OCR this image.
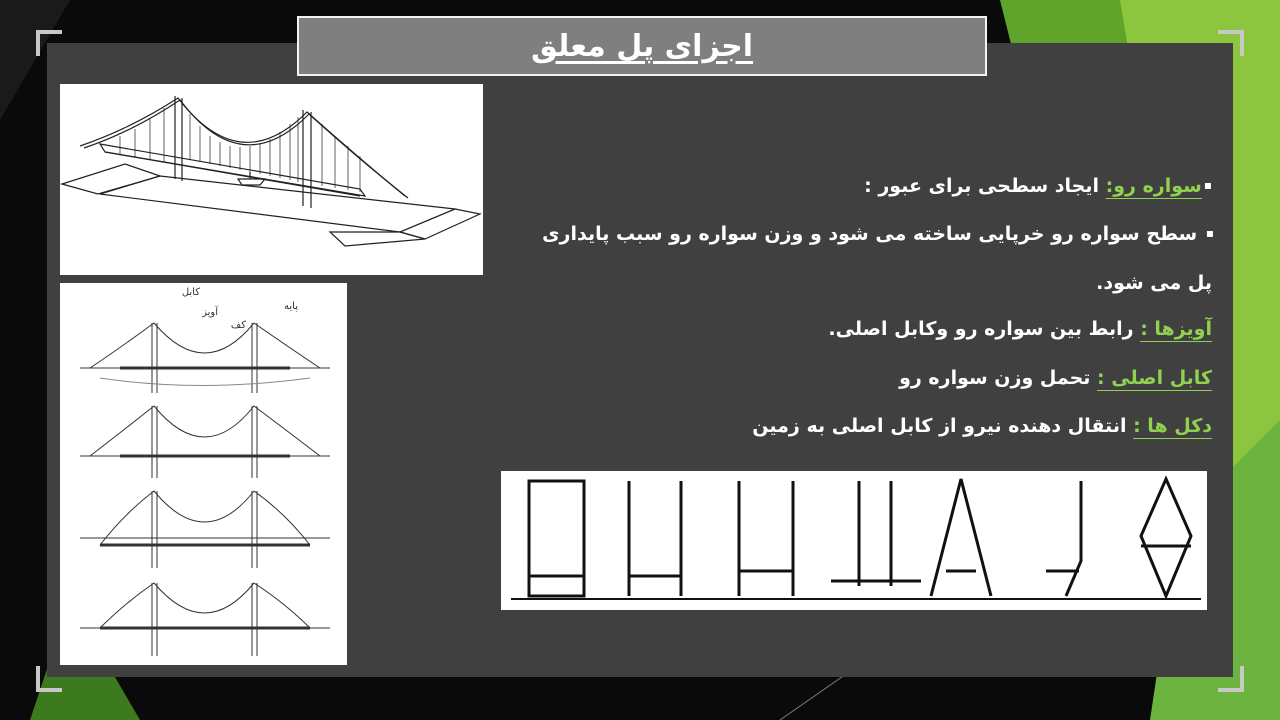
اجزای پل معلق
کابل
آویز
کف
پایه
▪سواره رو: ایجاد سطحی برای عبور :
▪ سطح سواره رو خرپایی ساخته می شود و وزن سواره رو سبب پایداری
پل می شود.
آویزها : رابط بین سواره رو وکابل اصلی.
کابل اصلی : تحمل وزن سواره رو
دکل ها : انتقال دهنده نیرو از کابل اصلی به زمین
